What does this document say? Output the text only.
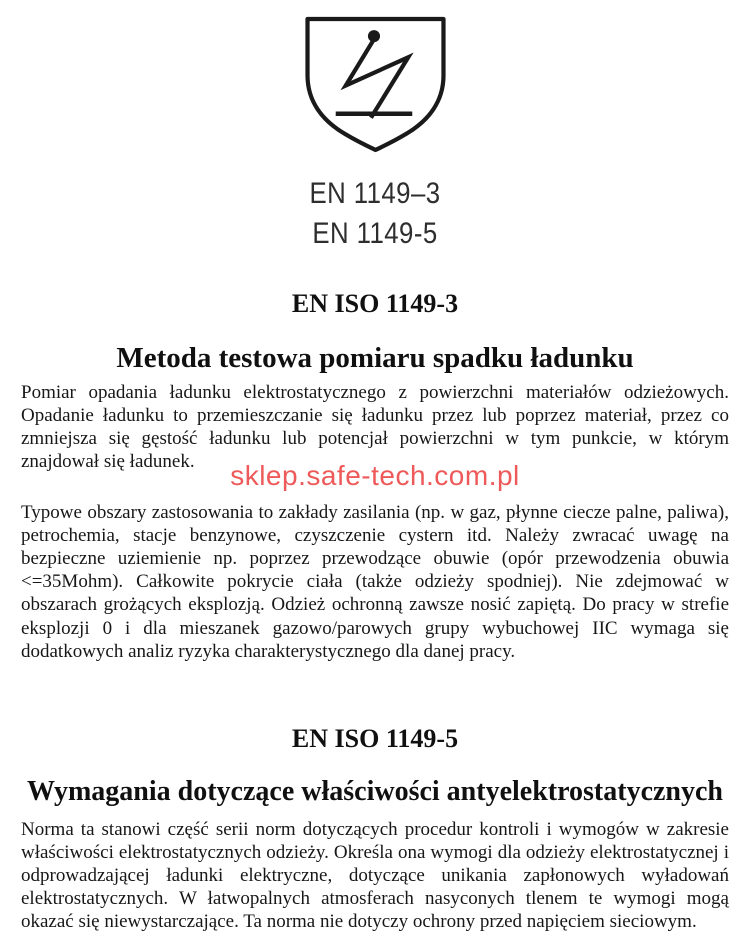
EN 1149–3
EN 1149-5
EN ISO 1149-3
Metoda testowa pomiaru spadku ładunku

Pomiar opadania ładunku elektrostatycznego z powierzchni materiałów odzieżowych. Opadanie ładunku to przemieszczanie się ładunku przez lub poprzez materiał, przez co zmniejsza się gęstość ładunku lub potencjał powierzchni w tym punkcie, w którym znajdował się ładunek.	sklep.safe-tech.com.pl

Typowe obszary zastosowania to zakłady zasilania (np. w gaz, płynne ciecze palne, paliwa), petrochemia, stacje benzynowe, czyszczenie cystern itd. Należy zwracać uwagę na bezpieczne uziemienie np. poprzez przewodzące obuwie (opór przewodzenia obuwia <=35Mohm). Całkowite pokrycie ciała (także odzieży spodniej). Nie zdejmować w obszarach grożących eksplozją. Odzież ochronną zawsze nosić zapiętą. Do pracy w strefie eksplozji 0 i dla mieszanek gazowo/parowych grupy wybuchowej IIC wymaga się dodatkowych analiz ryzyka charakterystycznego dla danej pracy.

EN ISO 1149-5
Wymagania dotyczące właściwości antyelektrostatycznych

Norma ta stanowi część serii norm dotyczących procedur kontroli i wymogów w zakresie właściwości elektrostatycznych odzieży. Określa ona wymogi dla odzieży elektrostatycznej i odprowadzającej ładunki elektryczne, dotyczące unikania zapłonowych wyładowań elektrostatycznych. W łatwopalnych atmosferach nasyconych tlenem te wymogi mogą okazać się niewystarczające. Ta norma nie dotyczy ochrony przed napięciem sieciowym.
